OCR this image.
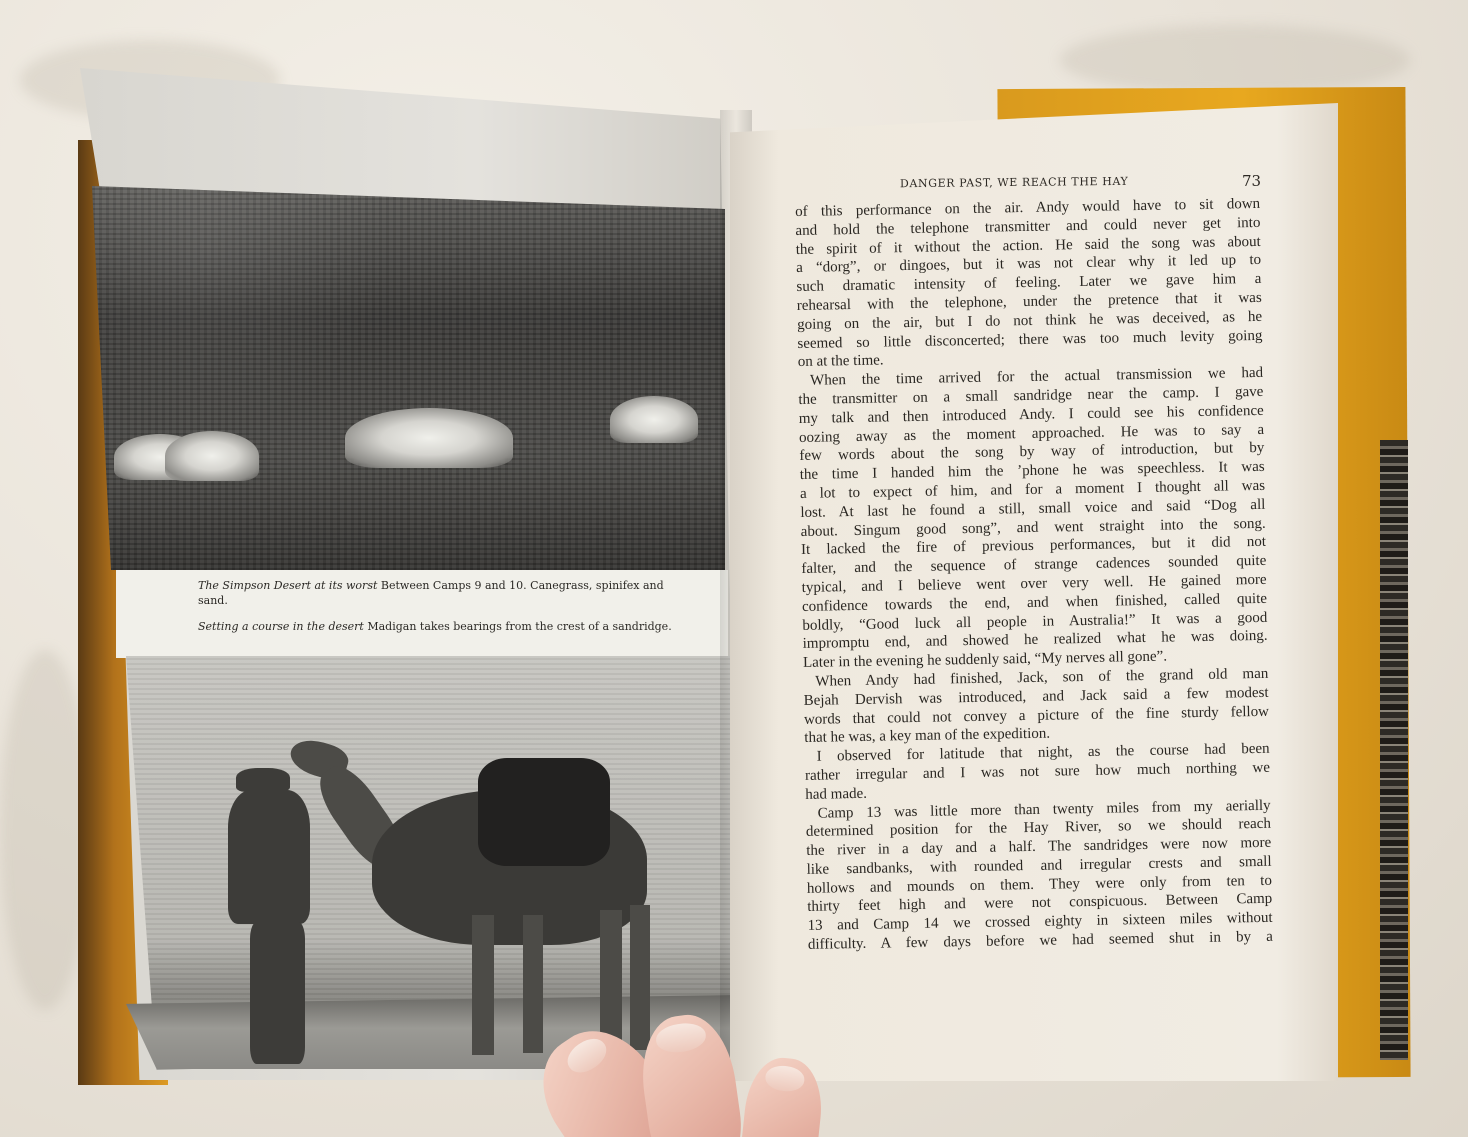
The Simpson Desert at its worst Between Camps 9 and 10. Canegrass, spinifex and sand.
Setting a course in the desert Madigan takes bearings from the crest of a sandridge.
DANGER PAST, WE REACH THE HAY	73
of this performance on the air. Andy would have to sit down
and hold the telephone transmitter and could never get into
the spirit of it without the action. He said the song was about
a “dorg”, or dingoes, but it was not clear why it led up to
such dramatic intensity of feeling. Later we gave him a
rehearsal with the telephone, under the pretence that it was
going on the air, but I do not think he was deceived, as he
seemed so little disconcerted; there was too much levity going
on at the time.
When the time arrived for the actual transmission we had
the transmitter on a small sandridge near the camp. I gave
my talk and then introduced Andy. I could see his confidence
oozing away as the moment approached. He was to say a
few words about the song by way of introduction, but by
the time I handed him the ’phone he was speechless. It was
a lot to expect of him, and for a moment I thought all was
lost. At last he found a still, small voice and said “Dog all
about. Singum good song”, and went straight into the song.
It lacked the fire of previous performances, but it did not
falter, and the sequence of strange cadences sounded quite
typical, and I believe went over very well. He gained more
confidence towards the end, and when finished, called quite
boldly, “Good luck all people in Australia!” It was a good
impromptu end, and showed he realized what he was doing.
Later in the evening he suddenly said, “My nerves all gone”.
When Andy had finished, Jack, son of the grand old man
Bejah Dervish was introduced, and Jack said a few modest
words that could not convey a picture of the fine sturdy fellow
that he was, a key man of the expedition.
I observed for latitude that night, as the course had been
rather irregular and I was not sure how much northing we
had made.
Camp 13 was little more than twenty miles from my aerially
determined position for the Hay River, so we should reach
the river in a day and a half. The sandridges were now more
like sandbanks, with rounded and irregular crests and small
hollows and mounds on them. They were only from ten to
thirty feet high and were not conspicuous. Between Camp
13 and Camp 14 we crossed eighty in sixteen miles without
difficulty. A few days before we had seemed shut in by a
